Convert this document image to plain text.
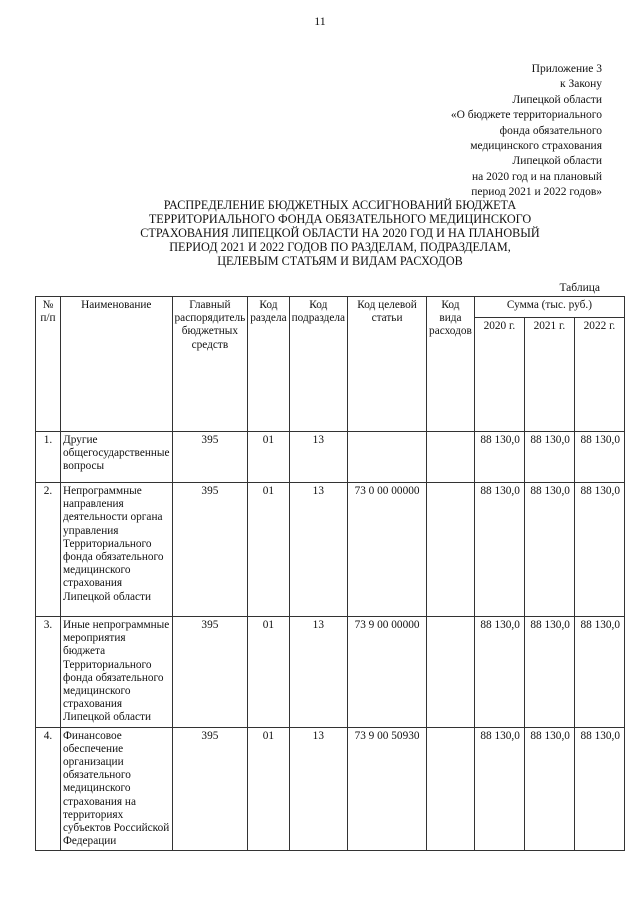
11
Приложение 3
к Закону
Липецкой области
«О бюджете территориального
фонда обязательного
медицинского страхования
Липецкой области
на 2020 год и на плановый
период 2021 и 2022 годов»
РАСПРЕДЕЛЕНИЕ БЮДЖЕТНЫХ АССИГНОВАНИЙ БЮДЖЕТА
ТЕРРИТОРИАЛЬНОГО ФОНДА ОБЯЗАТЕЛЬНОГО МЕДИЦИНСКОГО
СТРАХОВАНИЯ ЛИПЕЦКОЙ ОБЛАСТИ НА 2020 ГОД И НА ПЛАНОВЫЙ
ПЕРИОД 2021 И 2022 ГОДОВ ПО РАЗДЕЛАМ, ПОДРАЗДЕЛАМ,
ЦЕЛЕВЫМ СТАТЬЯМ И ВИДАМ РАСХОДОВ
Таблица
№ п/п	Наименование	Главный распорядитель бюджетных средств	Код раздела	Код подраздела	Код целевой статьи	Код вида расходов	Сумма (тыс. руб.)		
							2020 г.	2021 г.	2022 г.
1.	Другие общегосударственные вопросы	395	01	13			88 130,0	88 130,0	88 130,0
2.	Непрограммные направления деятельности органа управления Территориального фонда обязательного медицинского страхования Липецкой области	395	01	13	73 0 00 00000		88 130,0	88 130,0	88 130,0
3.	Иные непрограммные мероприятия бюджета Территориального фонда обязательного медицинского страхования Липецкой области	395	01	13	73 9 00 00000		88 130,0	88 130,0	88 130,0
4.	Финансовое обеспечение организации обязательного медицинского страхования на территориях субъектов Российской Федерации	395	01	13	73 9 00 50930		88 130,0	88 130,0	88 130,0
